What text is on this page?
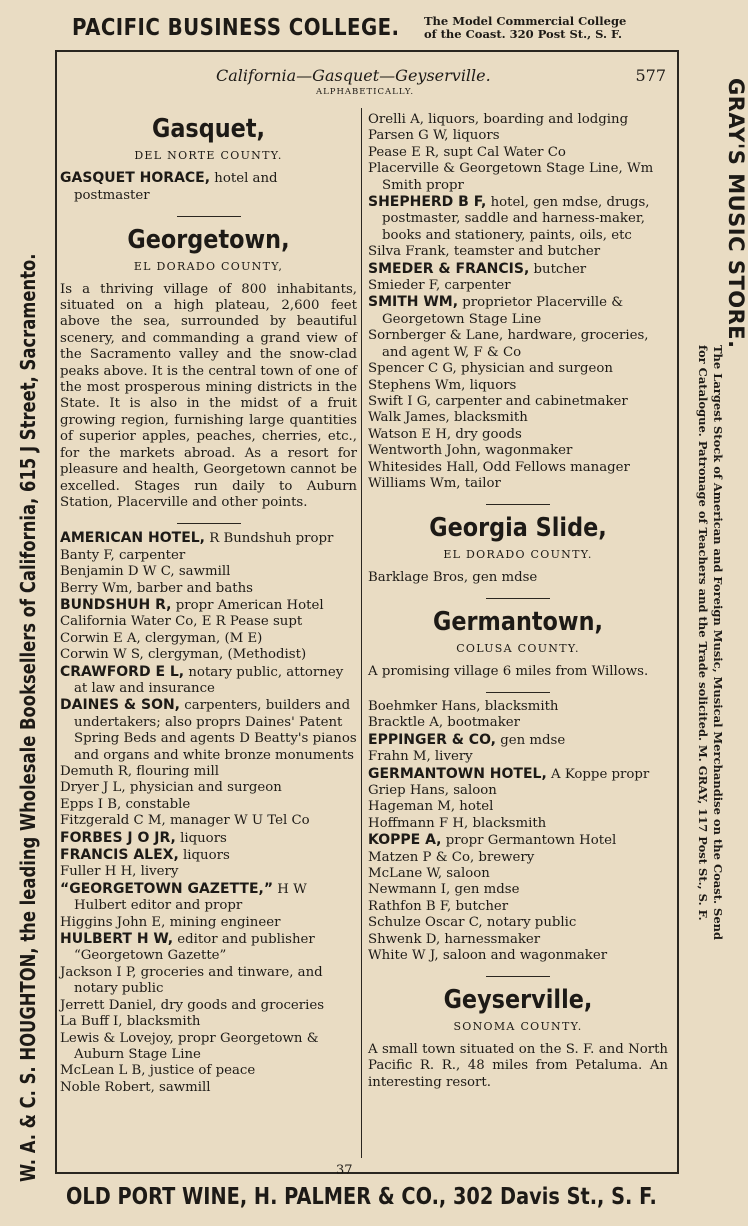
PACIFIC BUSINESS COLLEGE.	The Model Commercial College
of the Coast. 320 Post St., S. F.
W. A. & C. S. HOUGHTON, the leading Wholesale Booksellers of California, 615 J Street, Sacramento.
GRAY'S MUSIC STORE.
The Largest Stock of American and Foreign Music, Musical Merchandise on the Coast. Send
for Catalogue. Patronage of Teachers and the Trade solicited. M. GRAY, 117 Post St., S. F.
California—Gasquet—Geyserville.	577
ALPHABETICALLY.
Gasquet,
DEL NORTE COUNTY.

GASQUET HORACE, hotel and postmaster

Georgetown,
EL DORADO COUNTY,

Is a thriving village of 800 inhabitants, situated on a high plateau, 2,600 feet above the sea, surrounded by beautiful scenery, and commanding a grand view of the Sacramento valley and the snow-clad peaks above. It is the central town of one of the most prosperous mining districts in the State. It is also in the midst of a fruit growing region, furnishing large quantities of superior apples, peaches, cherries, etc., for the markets abroad. As a resort for pleasure and health, Georgetown cannot be excelled. Stages run daily to Auburn Station, Placerville and other points.

AMERICAN HOTEL, R Bundshuh propr

Banty F, carpenter

Benjamin D W C, sawmill

Berry Wm, barber and baths

BUNDSHUH R, propr American Hotel

California Water Co, E R Pease supt

Corwin E A, clergyman, (M E)

Corwin W S, clergyman, (Methodist)

CRAWFORD E L, notary public, attorney at law and insurance

DAINES & SON, carpenters, builders and undertakers; also proprs Daines' Patent Spring Beds and agents D Beatty's pianos and organs and white bronze monuments

Demuth R, flouring mill

Dryer J L, physician and surgeon

Epps I B, constable

Fitzgerald C M, manager W U Tel Co

FORBES J O JR, liquors

FRANCIS ALEX, liquors

Fuller H H, livery

“GEORGETOWN GAZETTE,” H W Hulbert editor and propr

Higgins John E, mining engineer

HULBERT H W, editor and publisher “Georgetown Gazette”

Jackson I P, groceries and tinware, and notary public

Jerrett Daniel, dry goods and groceries

La Buff I, blacksmith

Lewis & Lovejoy, propr Georgetown & Auburn Stage Line

McLean L B, justice of peace

Noble Robert, sawmill

Orelli A, liquors, boarding and lodging

Parsen G W, liquors

Pease E R, supt Cal Water Co

Placerville & Georgetown Stage Line, Wm Smith propr

SHEPHERD B F, hotel, gen mdse, drugs, postmaster, saddle and harness-maker, books and stationery, paints, oils, etc

Silva Frank, teamster and butcher

SMEDER & FRANCIS, butcher

Smieder F, carpenter

SMITH WM, proprietor Placerville & Georgetown Stage Line

Sornberger & Lane, hardware, groceries, and agent W, F & Co

Spencer C G, physician and surgeon

Stephens Wm, liquors

Swift I G, carpenter and cabinetmaker

Walk James, blacksmith

Watson E H, dry goods

Wentworth John, wagonmaker

Whitesides Hall, Odd Fellows manager

Williams Wm, tailor

Georgia Slide,
EL DORADO COUNTY.

Barklage Bros, gen mdse

Germantown,
COLUSA COUNTY.

A promising village 6 miles from Willows.

Boehmker Hans, blacksmith

Bracktle A, bootmaker

EPPINGER & CO, gen mdse

Frahn M, livery

GERMANTOWN HOTEL, A Koppe propr

Griep Hans, saloon

Hageman M, hotel

Hoffmann F H, blacksmith

KOPPE A, propr Germantown Hotel

Matzen P & Co, brewery

McLane W, saloon

Newmann I, gen mdse

Rathfon B F, butcher

Schulze Oscar C, notary public

Shwenk D, harnessmaker

White W J, saloon and wagonmaker

Geyserville,
SONOMA COUNTY.

A small town situated on the S. F. and North Pacific R. R., 48 miles from Petaluma. An interesting resort.

37
OLD PORT WINE, H. PALMER & CO., 302 Davis St., S. F.
